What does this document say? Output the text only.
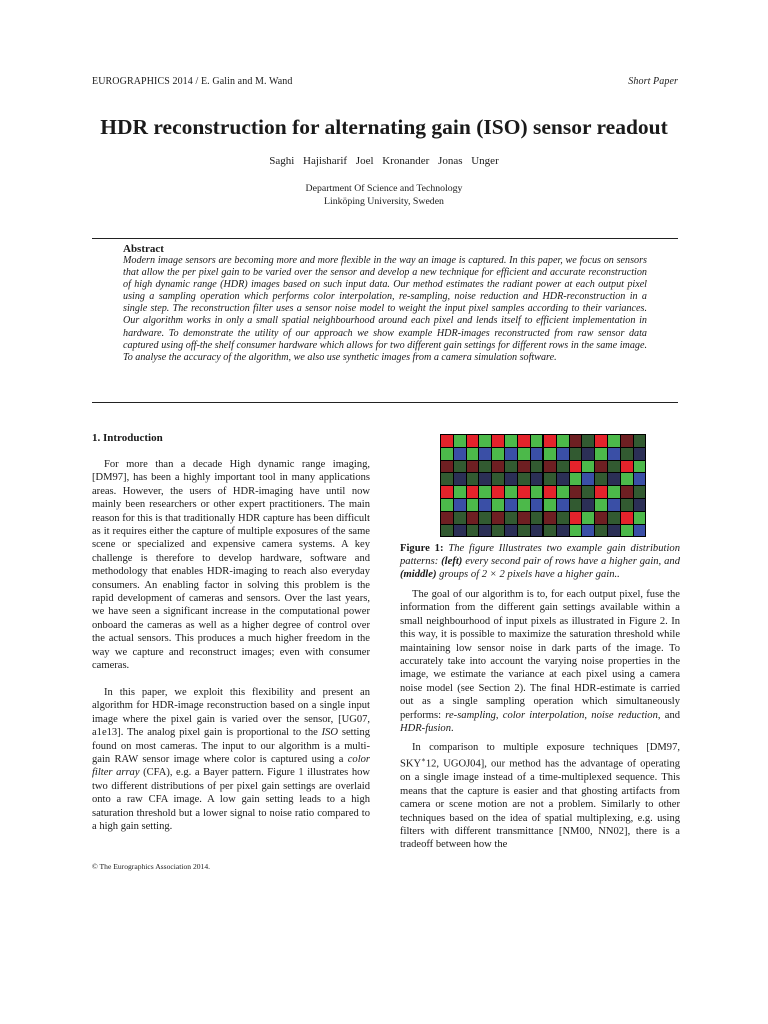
EUROGRAPHICS 2014 / E. Galin and M. Wand	Short Paper
HDR reconstruction for alternating gain (ISO) sensor readout
Saghi Hajisharif Joel Kronander Jonas Unger
Department Of Science and Technology
Linköping University, Sweden
Abstract
Modern image sensors are becoming more and more flexible in the way an image is captured. In this paper, we focus on sensors that allow the per pixel gain to be varied over the sensor and develop a new technique for efficient and accurate reconstruction of high dynamic range (HDR) images based on such input data. Our method estimates the radiant power at each output pixel using a sampling operation which performs color interpolation, re-sampling, noise reduction and HDR-reconstruction in a single step. The reconstruction filter uses a sensor noise model to weight the input pixel samples according to their variances. Our algorithm works in only a small spatial neighbourhood around each pixel and lends itself to efficient implementation in hardware. To demonstrate the utility of our approach we show example HDR-images reconstructed from raw sensor data captured using off-the shelf consumer hardware which allows for two different gain settings for different rows in the same image. To analyse the accuracy of the algorithm, we also use synthetic images from a camera simulation software.
1. Introduction

For more than a decade High dynamic range imaging, [DM97], has been a highly important tool in many applications areas. However, the users of HDR-imaging have until now mainly been researchers or other expert practitioners. The main reason for this is that traditionally HDR capture has been difficult as it requires either the capture of multiple exposures of the same scene or specialized and expensive camera systems. A key challenge is therefore to develop hardware, software and methodology that enables HDR-imaging to reach also everyday consumers. An enabling factor in solving this problem is the rapid development of cameras and sensors. Over the last years, we have seen a significant increase in the computational power onboard the cameras as well as a higher degree of control over the actual sensors. This produces a much higher freedom in the way we capture and reconstruct images; even with consumer cameras.

In this paper, we exploit this flexibility and present an algorithm for HDR-image reconstruction based on a single input image where the pixel gain is varied over the sensor, [UG07, a1e13]. The analog pixel gain is proportional to the ISO setting found on most cameras. The input to our algorithm is a multi-gain RAW sensor image where color is captured using a color filter array (CFA), e.g. a Bayer pattern. Figure 1 illustrates how two different distributions of per pixel gain settings are overlaid onto a raw CFA image. A low gain setting leads to a high saturation threshold but a lower signal to noise ratio compared to a high gain setting.

Figure 1: The figure Illustrates two example gain distribution patterns: (left) every second pair of rows have a higher gain, and (middle) groups of 2 × 2 pixels have a higher gain..

The goal of our algorithm is to, for each output pixel, fuse the information from the different gain settings available within a small neighbourhood of input pixels as illustrated in Figure 2. In this way, it is possible to maximize the saturation threshold while maintaining low sensor noise in dark parts of the image. To accurately take into account the varying noise properties in the image, we estimate the variance at each pixel using a camera noise model (see Section 2). The final HDR-estimate is carried out as a single sampling operation which simultaneously performs: re-sampling, color interpolation, noise reduction, and HDR-fusion.

In comparison to multiple exposure techniques [DM97, SKY∗12, UGOJ04], our method has the advantage of operating on a single image instead of a time-multiplexed sequence. This means that the capture is easier and that ghosting artifacts from camera or scene motion are not a problem. Similarly to other techniques based on the idea of spatial multiplexing, e.g. using filters with different transmittance [NM00, NN02], there is a tradeoff between how the

© The Eurographics Association 2014.
